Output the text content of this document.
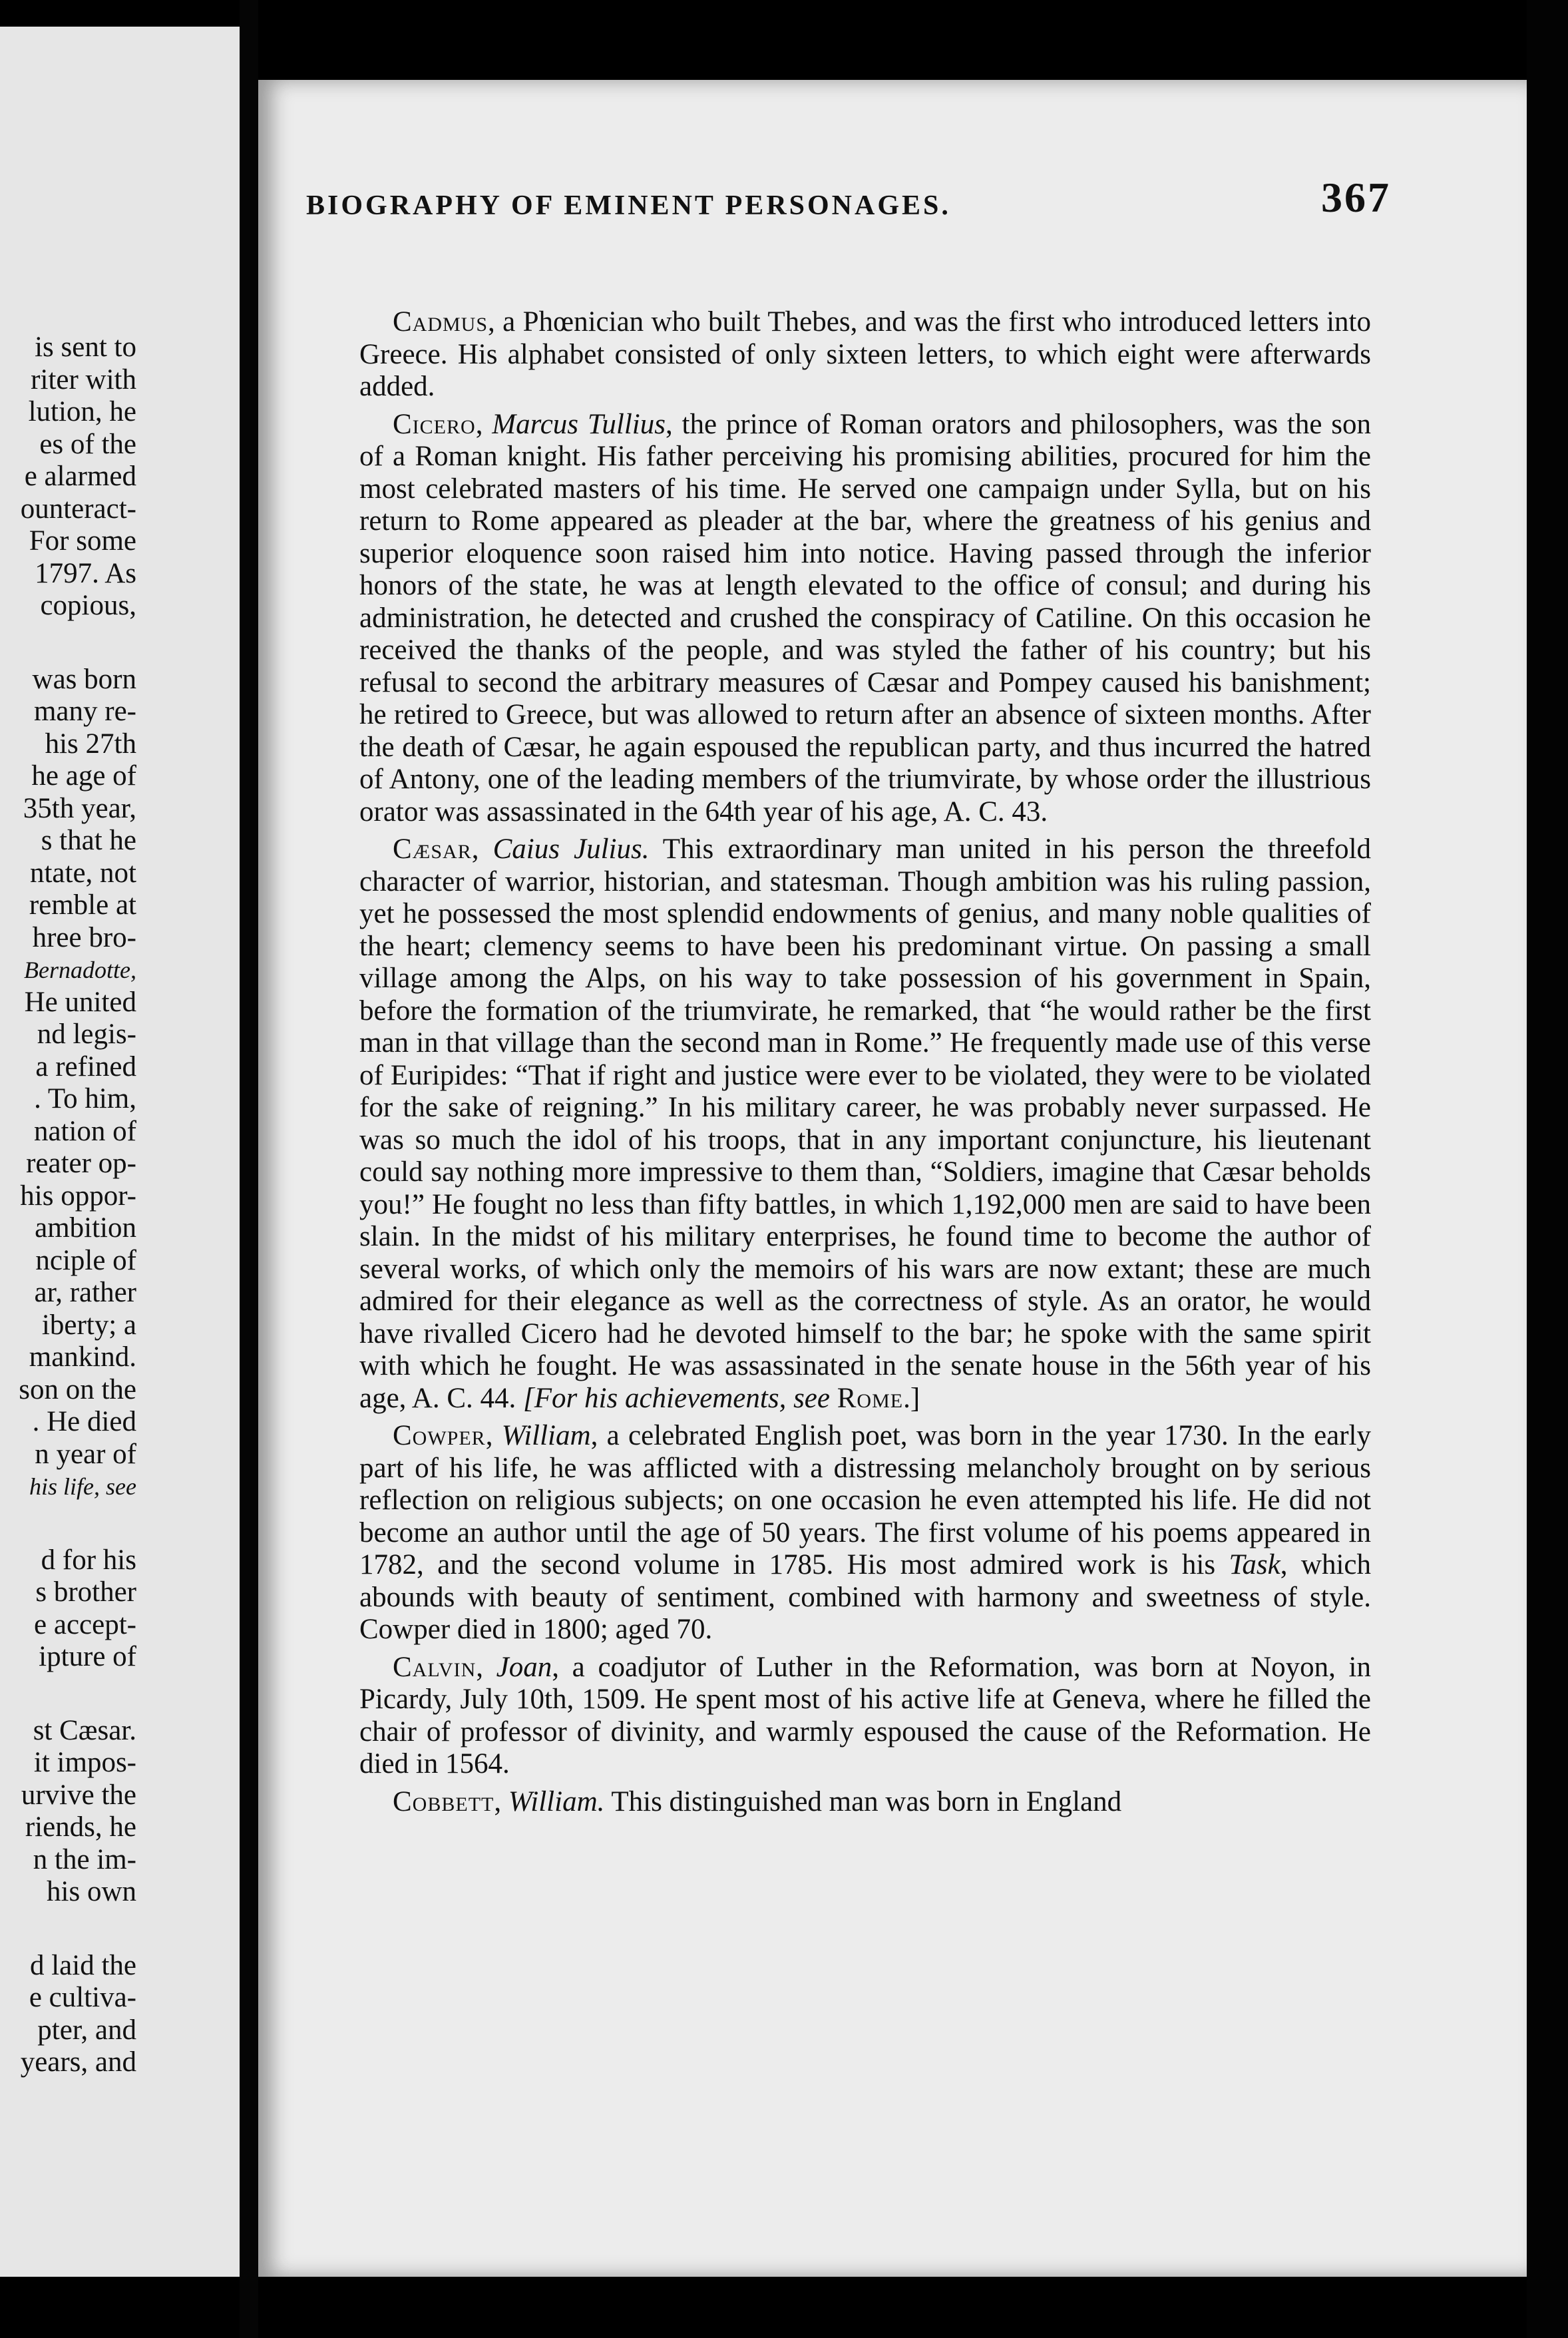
is sent to
riter with
lution, he
es of the
e alarmed
ounteract-
For some
1797. As
copious,
was born
many re-
his 27th
he age of
35th year,
s that he
ntate, not
remble at
hree bro-
Bernadotte,
He united
nd legis-
a refined
. To him,
nation of
reater op-
his oppor-
ambition
nciple of
ar, rather
iberty; a
mankind.
son on the
. He died
n year of
his life, see
d for his
s brother
e accept-
ipture of
st Cæsar.
it impos-
urvive the
riends, he
n the im-
his own
d laid the
e cultiva-
pter, and
years, and
BIOGRAPHY OF EMINENT PERSONAGES.	367

Cadmus, a Phœnician who built Thebes, and was the first who introduced letters into Greece. His alphabet consisted of only sixteen letters, to which eight were afterwards added.

Cicero, Marcus Tullius, the prince of Roman orators and philosophers, was the son of a Roman knight. His father perceiving his promising abilities, procured for him the most celebrated masters of his time. He served one campaign under Sylla, but on his return to Rome appeared as pleader at the bar, where the greatness of his genius and superior eloquence soon raised him into notice. Having passed through the inferior honors of the state, he was at length elevated to the office of consul; and during his administration, he detected and crushed the conspiracy of Catiline. On this occasion he received the thanks of the people, and was styled the father of his country; but his refusal to second the arbitrary measures of Cæsar and Pompey caused his banishment; he retired to Greece, but was allowed to return after an absence of sixteen months. After the death of Cæsar, he again espoused the republican party, and thus incurred the hatred of Antony, one of the leading members of the triumvirate, by whose order the illustrious orator was assassinated in the 64th year of his age, A. C. 43.

Cæsar, Caius Julius. This extraordinary man united in his person the threefold character of warrior, historian, and statesman. Though ambition was his ruling passion, yet he possessed the most splendid endowments of genius, and many noble qualities of the heart; clemency seems to have been his predominant virtue. On passing a small village among the Alps, on his way to take possession of his government in Spain, before the formation of the triumvirate, he remarked, that “he would rather be the first man in that village than the second man in Rome.” He frequently made use of this verse of Euripides: “That if right and justice were ever to be violated, they were to be violated for the sake of reigning.” In his military career, he was probably never surpassed. He was so much the idol of his troops, that in any important conjuncture, his lieutenant could say nothing more impressive to them than, “Soldiers, imagine that Cæsar beholds you!” He fought no less than fifty battles, in which 1,192,000 men are said to have been slain. In the midst of his military enterprises, he found time to become the author of several works, of which only the memoirs of his wars are now extant; these are much admired for their elegance as well as the correctness of style. As an orator, he would have rivalled Cicero had he devoted himself to the bar; he spoke with the same spirit with which he fought. He was assassinated in the senate house in the 56th year of his age, A. C. 44. [For his achievements, see Rome.]

Cowper, William, a celebrated English poet, was born in the year 1730. In the early part of his life, he was afflicted with a distressing melancholy brought on by serious reflection on religious subjects; on one occasion he even attempted his life. He did not become an author until the age of 50 years. The first volume of his poems appeared in 1782, and the second volume in 1785. His most admired work is his Task, which abounds with beauty of sentiment, combined with harmony and sweetness of style. Cowper died in 1800; aged 70.

Calvin, Joan, a coadjutor of Luther in the Reformation, was born at Noyon, in Picardy, July 10th, 1509. He spent most of his active life at Geneva, where he filled the chair of professor of divinity, and warmly espoused the cause of the Reformation. He died in 1564.

Cobbett, William. This distinguished man was born in England
